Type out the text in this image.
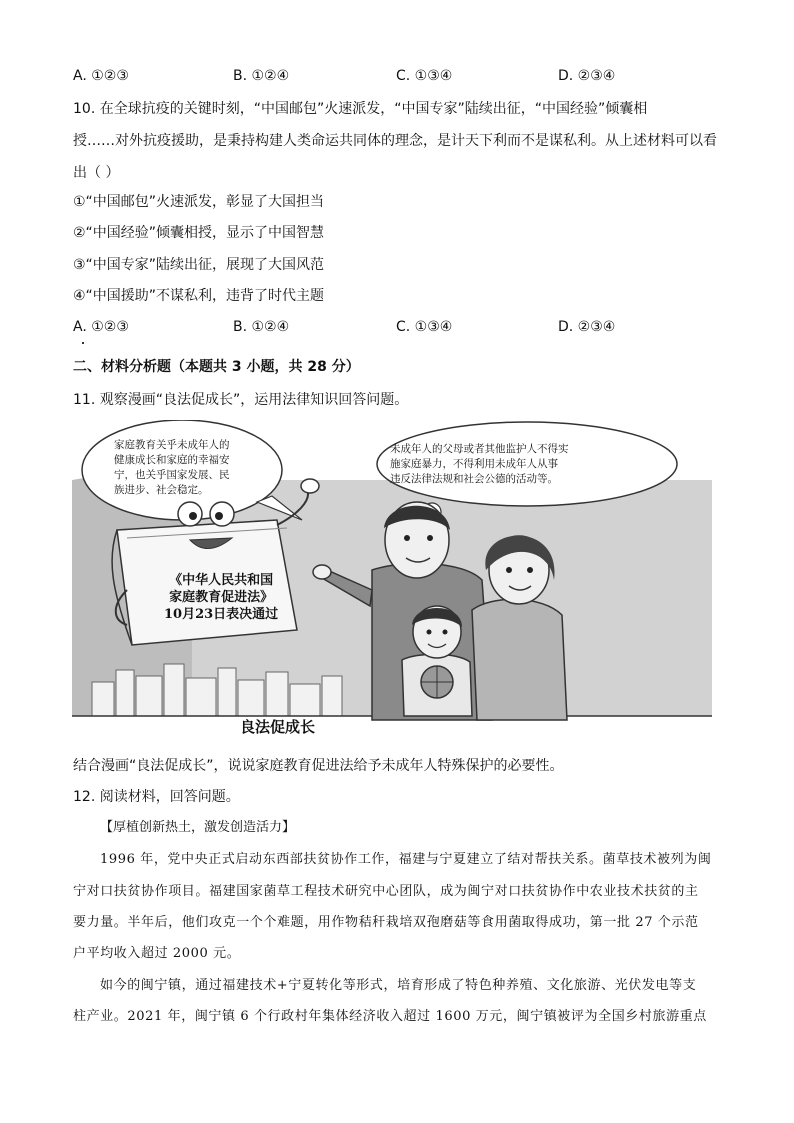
A. ①②③	B. ①②④	C. ①③④	D. ②③④
10. 在全球抗疫的关键时刻，“中国邮包”火速派发，“中国专家”陆续出征，“中国经验”倾囊相
授……对外抗疫援助，是秉持构建人类命运共同体的理念，是计天下利而不是谋私利。从上述材料可以看
出（ ）
①“中国邮包”火速派发，彰显了大国担当
②“中国经验”倾囊相授，显示了中国智慧
③“中国专家”陆续出征，展现了大国风范
④“中国援助”不谋私利，违背了时代主题
A. ①②③	B. ①②④	C. ①③④	D. ②③④
二、材料分析题（本题共 3 小题，共 28 分）
11. 观察漫画“良法促成长”，运用法律知识回答问题。
家庭教育关乎未成年人的
健康成长和家庭的幸福安
宁，也关乎国家发展、民
族进步、社会稳定。
未成年人的父母或者其他监护人不得实
施家庭暴力，不得利用未成年人从事
违反法律法规和社会公德的活动等。
《中华人民共和国
家庭教育促进法》
10月23日表决通过
良法促成长
结合漫画“良法促成长”，说说家庭教育促进法给予未成年人特殊保护的必要性。
12. 阅读材料，回答问题。
【厚植创新热土，激发创造活力】
1996 年，党中央正式启动东西部扶贫协作工作，福建与宁夏建立了结对帮扶关系。菌草技术被列为闽
宁对口扶贫协作项目。福建国家菌草工程技术研究中心团队，成为闽宁对口扶贫协作中农业技术扶贫的主
要力量。半年后，他们攻克一个个难题，用作物秸秆栽培双孢磨菇等食用菌取得成功，第一批 27 个示范
户平均收入超过 2000 元。
如今的闽宁镇，通过福建技术+宁夏转化等形式，培育形成了特色种养殖、文化旅游、光伏发电等支
柱产业。2021 年，闽宁镇 6 个行政村年集体经济收入超过 1600 万元，闽宁镇被评为全国乡村旅游重点
